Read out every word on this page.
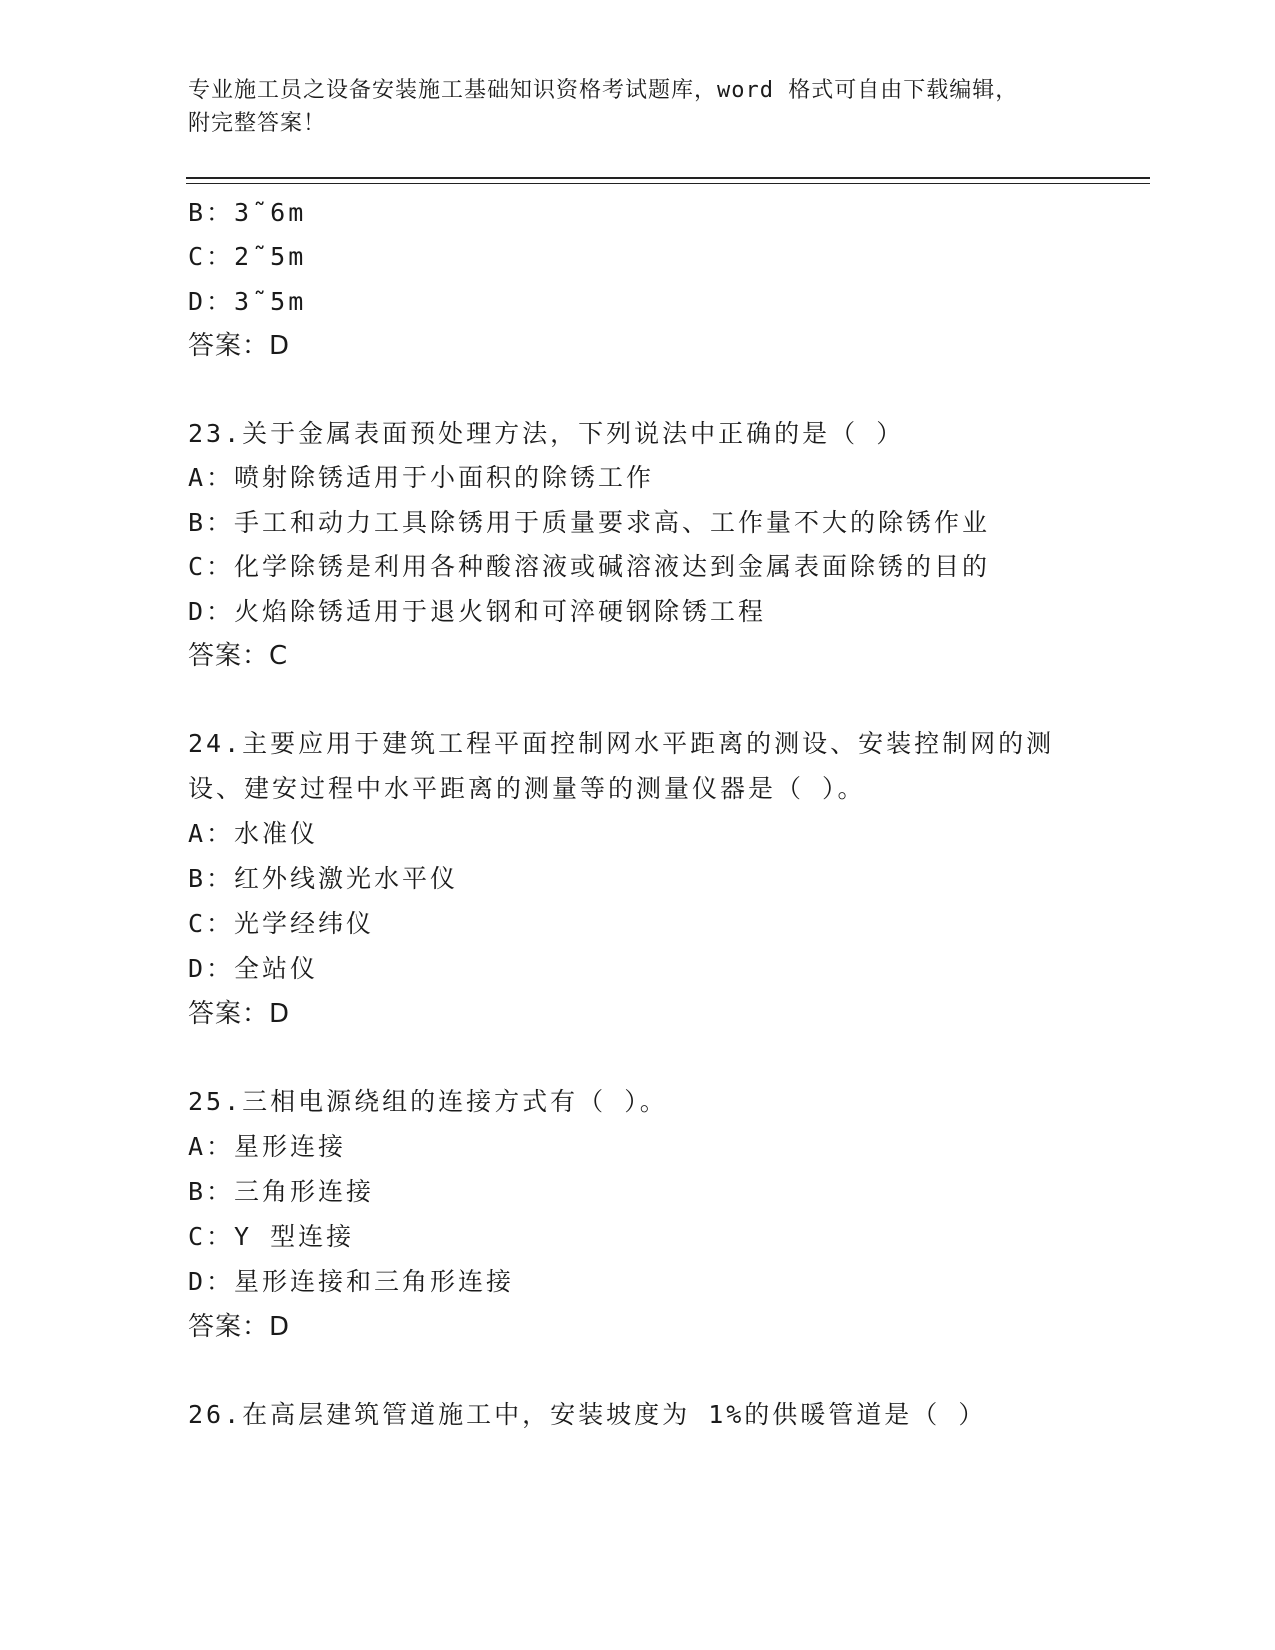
专业施工员之设备安装施工基础知识资格考试题库，word 格式可自由下载编辑，
附完整答案！
B：3˜6m
C：2˜5m
D：3˜5m
答案：D
23.关于金属表面预处理方法，下列说法中正确的是（ ）
A：喷射除锈适用于小面积的除锈工作
B：手工和动力工具除锈用于质量要求高、工作量不大的除锈作业
C：化学除锈是利用各种酸溶液或碱溶液达到金属表面除锈的目的
D：火焰除锈适用于退火钢和可淬硬钢除锈工程
答案：C
24.主要应用于建筑工程平面控制网水平距离的测设、安装控制网的测
设、建安过程中水平距离的测量等的测量仪器是（ ）。
A：水准仪
B：红外线激光水平仪
C：光学经纬仪
D：全站仪
答案：D
25.三相电源绕组的连接方式有（ ）。
A：星形连接
B：三角形连接
C：Y 型连接
D：星形连接和三角形连接
答案：D
26.在高层建筑管道施工中，安装坡度为 1%的供暖管道是（ ）
